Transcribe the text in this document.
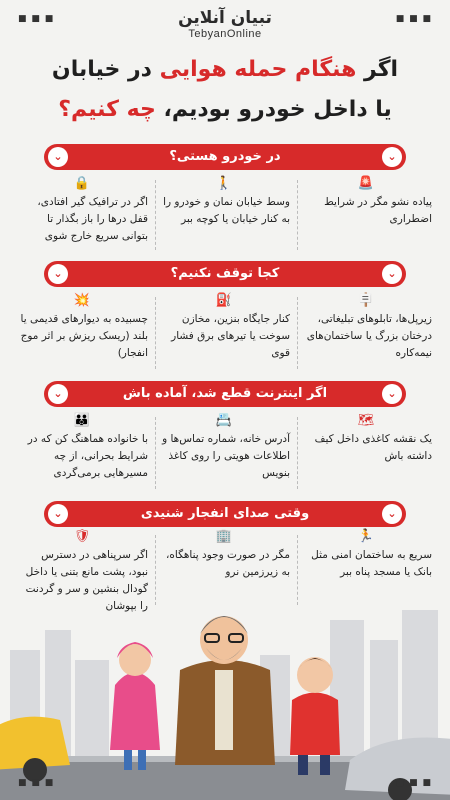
تبیان آنلاین
TebyanOnline
■ ■ ■	■ ■ ■
اگر هنگام حمله هوایی در خیابان
یا داخل خودرو بودیم، چه کنیم؟
⌄
در خودرو هستی؟
⌄
🚨
پیاده نشو مگر در شرایط اضطراری
🚶
وسط خیابان نمان و خودرو را به کنار خیابان یا کوچه ببر
🔒
اگر در ترافیک گیر افتادی، قفل درها را باز بگذار تا بتوانی سریع خارج شوی
⌄
کجا توقف نکنیم؟
⌄
🪧
زیرپل‌ها، تابلوهای تبلیغاتی، درختان بزرگ یا ساختمان‌های نیمه‌کاره
⛽
کنار جایگاه بنزین، مخازن سوخت یا تیرهای برق فشار قوی
💥
چسبیده به دیوارهای قدیمی یا بلند (ریسک ریزش بر اثر موج انفجار)
⌄
اگر اینترنت قطع شد، آماده باش
⌄
🗺
یک نقشه کاغذی داخل کیف داشته باش
📇
آدرس خانه، شماره تماس‌ها و اطلاعات هویتی را روی کاغذ بنویس
👪
با خانواده هماهنگ کن که در شرایط بحرانی، از چه مسیرهایی برمی‌گردی
⌄
وقتی صدای انفجار شنیدی
⌄
🏃
سریع به ساختمان امنی مثل بانک یا مسجد پناه ببر
🏢
مگر در صورت وجود پناهگاه، به زیرزمین نرو
🛡
اگر سرپناهی در دسترس نبود، پشت مانع بتنی یا داخل گودال بنشین و سر و گردنت را بپوشان
■ ■ ■	■ ■ ■
